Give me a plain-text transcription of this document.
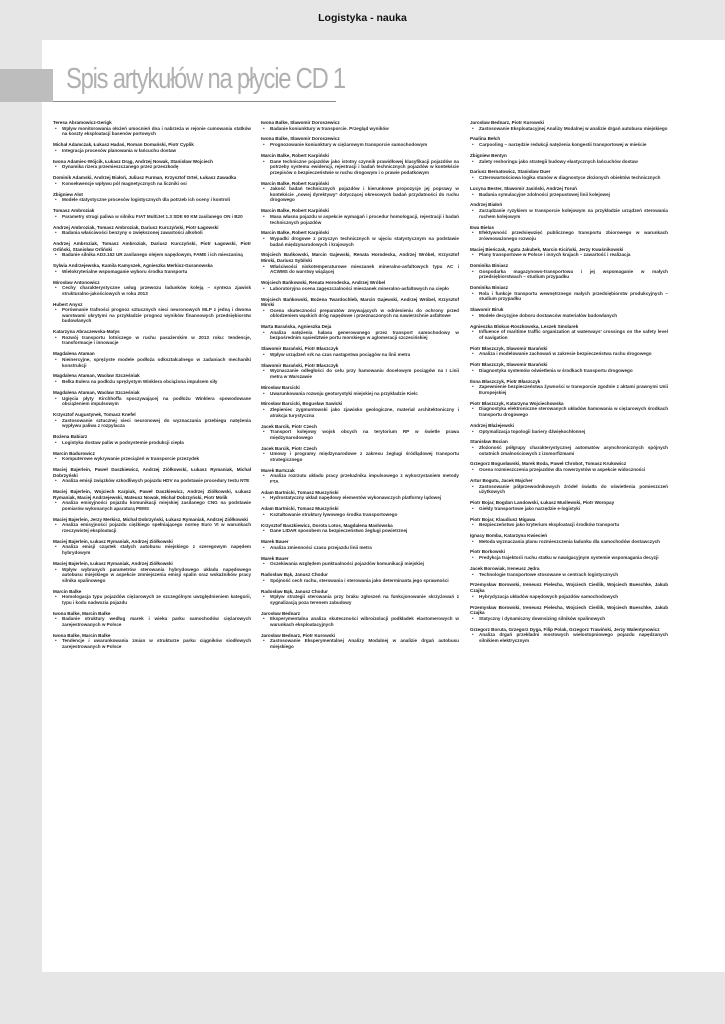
Logistyka - nauka
Spis artykułów na płycie CD 1
Teresa Abramowicz-Gerigk
• Wpływ monitorowania ołożeń umocnień dna i nabrzeża w rejonie cumowania statków na koszty eksploatacji basenów portowych
Michał Adamczak, Łukasz Hadaś, Roman Domański, Piotr Cyplik
• Integracja procesów planowania w łańcuchu dostaw
Iwona Adamiec-Wójcik, Łukasz Drąg, Andrzej Nowak, Stanisław Wojciech
• Dynamika rizera przemieszczanego przez przeszkodę
Dominik Adamski, Andrzej Białoń, Juliusz Furman, Krzysztof Ortel, Łukasz Zawadka
• Konsekwencje wpływu pól magnetycznych na liczniki osi
Zbigniew Alot
• Modele statystyczne procesów logistycznych dla potrzeb ich oceny i kontroli
Tomasz Ambroziak
• Parametry strugi paliwa w silniku FIAT MultiJet 1.3 SDE 90 KM zasilanego ON i B20
Andrzej Ambroziak, Tomasz Ambroziak, Dariusz Kurczyński, Piotr Łagowski
• Badania właściwości benzyny o zwiększonej zawartości alkoholi
Andrzej Ambroziak, Tomasz Ambroziak, Dariusz Kurczyński, Piotr Łagowski, Piotr Orliński, Stanisław Orliński
• Badanie silnika AD3.152 UR zasilanego olejem napędowym, FAME i ich mieszaniną
Sylwia Andrzejewska, Kamila Kamyszek, Agnieszka Merkisz-Guranowska
• Wielokryterialne wspomaganie wyboru środka transportu
Mirosław Antonowicz
• Cechy charakterystyczne usług przewozu ładunków koleją – synteza zjawisk strukturalno-jakościowych w roku 2013
Hubert Anysz
• Porównanie trafności prognoz sztucznych sieci neuronowych MLP z jedną i dwoma warstwami ukrytymi na przykładzie prognoz wyników finansowych przedsiębiorstw budowlanych
Katarzyna Abraczewska-Matys
• Rozwój transportu lotniczego w ruchu pasażerskim w 2013 roku: tendencje, transformacje i innowacje
Magdalena Ataman
• Nieinercyjne, sprężyste modele podłoża odkształcalnego w zadaniach mechaniki konstrukcji
Magdalena Ataman, Wacław Szcześniak
• Belka Eulera na podłożu sprężystym Winklera obciążona impulsem siły
Magdalena Ataman, Wacław Szcześniak
• Ugięcia płyty Kirchhoffa spoczywającej na podłożu Winklera spowodowane obciążeniem impulsowym
Krzysztof Augustynek, Tomasz Knefel
• Zastosowanie sztucznej sieci neuronowej do wyznaczania przebiegu natężenia wypływu paliwa z rozpylacza
Bożena Babiarz
• Logistyka dostaw paliw w podsystemie produkcji ciepła
Marcin Badurowicz
• Komputerowe wykrywanie przeciążeń w transporcie przezydek
Maciej Bajerlein, Paweł Daszkiewicz, Andrzej Ziółkowski, Łukasz Rymaniak, Michał Dobrzyński
• Analiza emisji związków szkodliwych pojazdu HDV na podstawie procedury testu NTE
Maciej Bajerlein, Wojciech Karpiuk, Paweł Daszkiewicz, Andrzej Ziółkowski, Łukasz Rymaniak, Maciej Andrzejewski, Mateusz Nowak, Michał Dobrzyński, Piotr Molik
• Analiza emisyjności pojazdu komunikacji miejskiej zasilanego CNG na podstawie pomiarów wykonanych aparaturą PEMS
Maciej Bajerlein, Jerzy Merkisz, Michał Dobrzyński, Łukasz Rymaniak, Andrzej Ziółkowski
• Analiza emisyjności pojazdu ciężkiego spełniającego normę Euro VI w warunkach rzeczywistej eksploatacji
Maciej Bajerlein, Łukasz Rymaniak, Andrzej Ziółkowski
• Analiza emisji cząstek stałych autobusu miejskiego z szeregowym napędem hybrydowym
Maciej Bajerlein, Łukasz Rymaniak, Andrzej Ziółkowski
• Wpływ wybranych parametrów sterowania hybrydowego układu napędowego autobusu miejskiego w aspekcie zmniejszenia emisji spalin oraz wskaźników pracy silnika spalinowego
Marcin Balke
• Homologacja typu pojazdów ciężarowych ze szczególnym uwzględnieniem kategorii, typu i kodu nadwozia pojazdu
Iwona Balke, Marcin Balke
• Badanie struktury według marek i wieku parku samochodów ciężarowych zarejestrowanych w Polsce
Iwona Balke, Marcin Balke
• Tendencje i uwarunkowania zmian w strukturze parku ciągników siodłowych zarejestrowanych w Polsce
Iwona Balke, Sławomir Doroszewicz
• Badanie koniunktury w transporcie. Przegląd wyników
Iwona Balke, Sławomir Doroszewicz
• Prognozowanie koniunktury w ciężarowym transporcie samochodowym
Marcin Balke, Robert Karpiński
• Dane techniczne pojazdów jako istotny czynnik prawidłowej klasyfikacji pojazdów na potrzeby systemu ewidencji, rejestracji i badań technicznych pojazdów w kontekście przepisów o bezpieczeństwie w ruchu drogowym i o prawie podatkowym
Marcin Balke, Robert Karpiński
• Jakość badań technicznych pojazdów i kierunkowe propozycje jej poprawy w kontekście „nowej dyrektywy” dotyczącej okresowych badań przydatności do ruchu drogowego
Marcin Balke, Robert Karpiński
• Masa własna pojazdu w aspekcie wymagań i procedur homologacji, rejestracji i badań technicznych pojazdów
Marcin Balke, Robert Karpiński
• Wypadki drogowe z przyczyn technicznych w ujęciu statystycznym na podstawie badań międzynarodowych i krajowych
Wojciech Bańkowski, Marcin Gajewski, Renata Horodecka, Andrzej Wróbel, Krzysztof Mirski, Dariusz Sybilski
• Właściwości niskotemperaturowe mieszanek mineralno-asfaltowych typu AC i ACWMS do warstwy wiążącej
Wojciech Bańkowski, Renata Horodecka, Andrzej Wróbel
• Laboratoryjna ocena zagęszczalności mieszanek mineralno-asfaltowych na ciepło
Wojciech Bańkowski, Bożena Twardochleb, Marcin Gajewski, Andrzej Wróbel, Krzysztof Mirski
• Ocena skuteczności preparatów zmywających w odniesieniu do ochrony przed oblodzeniem wąskich dróg napędowe i przeznaczonych na nawierzchnie asfaltowe
Marta Barańska, Agnieszka Deja
• Analiza natężenia hałasu generowanego przez transport samochodowy w bezpośrednim sąsiedztwie portu morskiego w aglomeracji szczecińskiej
Sławomir Barański, Piotr Błaszczyk
• Wpływ urządzeń srk na czas nastąpstwa pociągów na linii metra
Sławomir Barański, Piotr Błaszczyk
• Wyznaczanie odległości do celu przy hamowaniu docelowym pociągów na I Linii metra w Warszawie
Mirosław Barcicki
• Uwarunkowania rozwoju geoturystyki miejskiej na przykładzie Kielc
Mirosław Barcicki, Bogusław Sawicki
• Zlepieniec zygmuntowski jako zjawisko geologiczne, materiał architektoniczny i atrakcja turystyczna
Jacek Barcik, Piotr Czech
• Transport kolejowy wojsk obcych na terytorium RP w świetle prawa międzynarodowego
Jacek Barcik, Piotr Czech
• Umowy i programy międzynarodowe z zakresu żeglugi śródlądowej transportu strategicznego
Marek Bartczak
• Analiza rozrzutu układu pracy przekaźnika impulsowego z wykorzystaniem metody FTA
Adam Bartnicki, Tomasz Muszyński
• Hydrostatyczny układ napędowy elementów wykonawczych platformy lądowej
Adam Bartnicki, Tomasz Muszyński
• Kształtowanie struktury ływowego środka transportowego
Krzysztof Baszkiewicz, Dorota Lotos, Magdalena Maslowska
• Dane LIDAR sposobem na bezpieczeństwo żeglugi powietrznej
Marek Bauer
• Analiza zmienności czasu przejazdu linii metra
Marek Bauer
• Oczekiwania względem punktualności pojazdów komunikacji miejskiej
Radosław Bąk, Janusz Chodur
• Spójność cech ruchu, sterowania i sterowania jako determinanta jego sprawności
Radosław Bąk, Janusz Chodur
• Wpływ strategii sterowania przy braku zgłoszeń na funkcjonowanie skrzyżowań z sygnalizacją poza terenem zabudowy
Jarosław Bednarz
• Eksperymentalna analiza skuteczności wibroizolacji podkładek elastomerowych w warunkach eksploatacyjnych
Jarosław Bednarz, Piotr Kurowski
• Zastosowanie Eksperymentalnej Analizy Modalnej w analizie drgań autobusu miejskiego
Jarosław Bednarz, Piotr Kurowski
• Zastosowanie Eksploatacyjnej Analizy Modalnej w analizie drgań autobusu miejskiego
Paulina Bełch
• Carpooling – narzędzie redukcji natężenia kongestii transportowej w mieście
Zbigniew Bentyn
• Zalety reshoringu jako strategii budowy elastycznych łańcuchów dostaw
Dariusz Bernatowicz, Stanisław Duer
• Czterowartościowa logika stanów w diagnostyce złożonych obiektów technicznych
Lucyna Bester, Sławomir Jasiński, Andrzej Toruń
• Badania symulacyjne zdolności przepustowej linii kolejowej
Andrzej Białoń
• Zarządzanie ryzykiem w transporcie kolejowym na przykładzie urządzeń sterowania ruchem kolejowym
Ewa Bielas
• Efektywność przedsięwzięć publicznego transportu zbiorowego w warunkach zrównoważonego rozwoju
Maciej Bieńczak, Agata Jakubek, Marcin Kiciński, Jerzy Kwaśnikowski
• Plany transportowe w Polsce i innych krajach – zawartość i realizacja
Dominika Biniasz
• Gospodarka magazynowo-transportowa i jej wspomaganie w małych przedsiębiorstwach – studium przypadku
Dominika Biniasz
• Rola i funkcje transportu wewnętrznego małych przedsiębiorstw produkcyjnych – studium przypadku
Sławomir Biruk
• Modele decyzyjne doboru dostawców materiałów budowlanych
Agnieszka Blokus-Roszkowska, Leszek Smolarek
• Influence of maritime traffic organization at waterways’ crossings on the safety level of navigation
Piotr Błaszczyk, Sławomir Barański
• Analiza i modelowanie zachowań w zakresie bezpieczeństwa ruchu drogowego
Piotr Błaszczyk, Sławomir Barański
• Diagnostyka systemów oświetlenia w środkach transportu drogowego
Ilona Błaszczyk, Piotr Błaszczyk
• Zapewnienie bezpieczeństwa żywności w transporcie zgodnie z aktami prawnymi Unii Europejskiej
Piotr Błaszczyk, Katarzyna Wojciechowska
• Diagnostyka elektroniczne sterowanych układów hamowania w ciężarowych środkach transportu drogowego
Andrzej Błażejewski
• Optymalizacja topologii bariery dźwiękochłonnej
Stanisław Bocian
• Złożoność półgrupy charakterystycznej automatów asynchronicznych spójnych ostatnich zmalnościowych z izomorfizmami
Grzegorz Bogusławski, Marek Boda, Paweł Chrobot, Tomasz Krukowicz
• Ocena rozmieszczenia przejazdów dla rowerzystów w aspekcie widoczności
Artur Bogutu, Jacek Majcher
• Zastosowanie półprzewodnikowych źródeł światła do oświetlenia pomieszczeń użytkowych
Piotr Bojar, Bogdan Landowski, Łukasz Muślewski, Piotr Woropay
• Giełdy transportowe jako narzędzie e-logistyki
Piotr Bojar, Klaudiusz Migawa
• Bezpieczeństwo jako kryterium eksploatacji środków transportu
Ignacy Bomba, Katarzyna Kwiecień
• Metoda wyznaczania planu rozmieszczenia ładunku dla samochodów dostawczych
Piotr Borkowski
• Predykcja trajektorii ruchu statku w nawigacyjnym systemie wspomagania decyzji
Jacek Borowiak, Ireneusz Jędra
• Technologie transportowe stosowane w centrach logistycznych
Przemysław Borowski, Ireneusz Pielecha, Wojciech Cieślik, Wojciech Bueschke, Jakub Czajka
• Hybrydyzacja układów napędowych pojazdów samochodowych
Przemysław Borowski, Ireneusz Pielecha, Wojciech Cieślik, Wojciech Bueschke, Jakub Czajka
• Statyczny i dynamiczny downsizing silników spalinowych
Grzegorz Boruta, Grzegorz Dyga, Filip Polak, Grzegorz Trawiński, Jerzy Walentynowicz
• Analiza drgań przekładni mostowych wielostopniowego pojazdu napędzanych silnikiem elektrycznym
